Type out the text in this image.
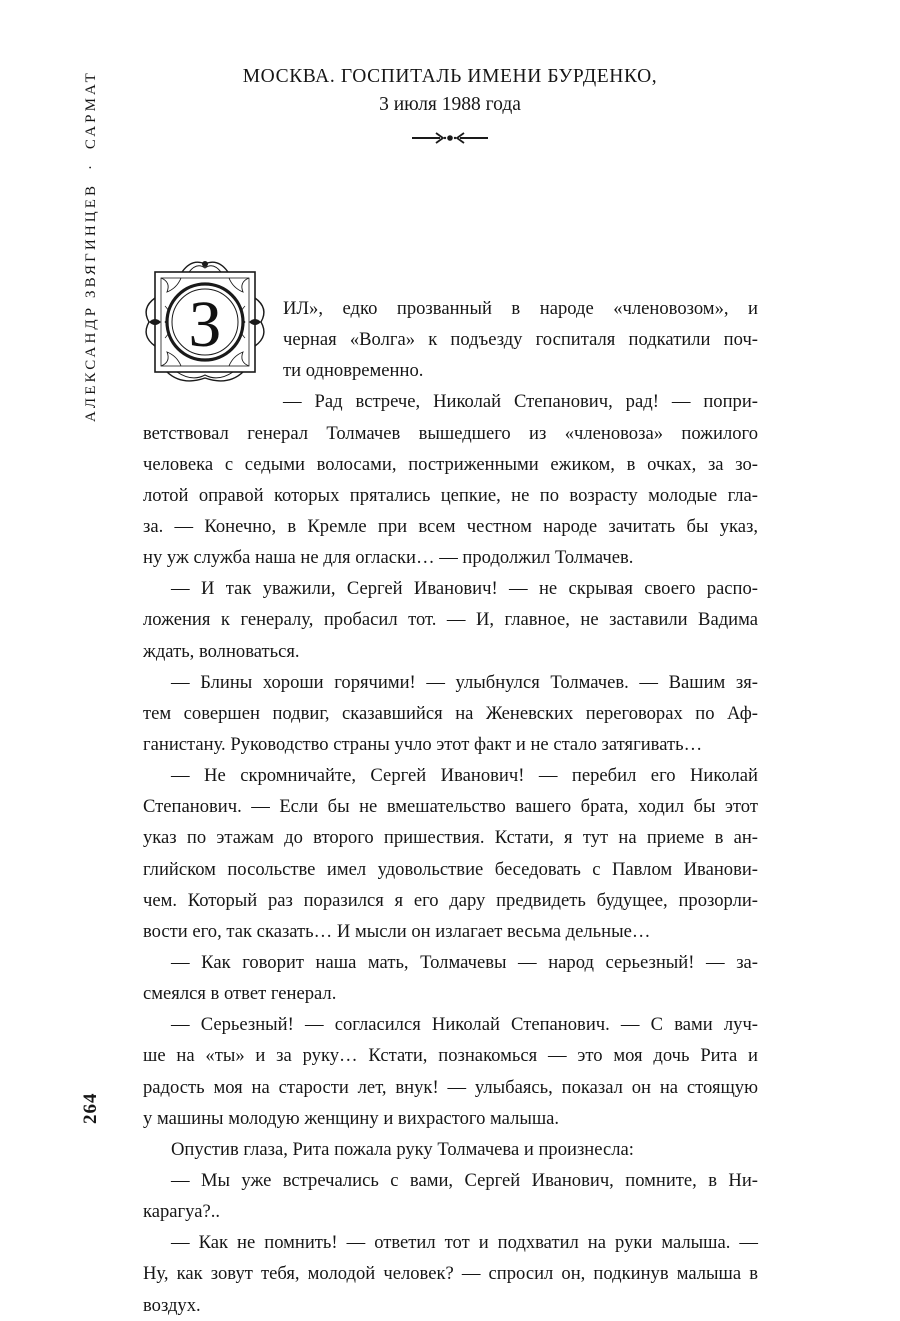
АЛЕКСАНДР ЗВЯГИНЦЕВ · САРМАТ
264
МОСКВА. ГОСПИТАЛЬ ИМЕНИ БУРДЕНКО,
3 июля 1988 года
З	ИЛ», едко прозванный в народе «членовозом», и
черная «Волга» к подъезду госпиталя подкатили поч-
ти одновременно.
— Рад встрече, Николай Степанович, рад! — попри-
ветствовал генерал Толмачев вышедшего из «членовоза» пожилого
человека с седыми волосами, постриженными ежиком, в очках, за зо-
лотой оправой которых прятались цепкие, не по возрасту молодые гла-
за. — Конечно, в Кремле при всем честном народе зачитать бы указ,
ну уж служба наша не для огласки… — продолжил Толмачев.
— И так уважили, Сергей Иванович! — не скрывая своего распо-
ложения к генералу, пробасил тот. — И, главное, не заставили Вадима
ждать, волноваться.
— Блины хороши горячими! — улыбнулся Толмачев. — Вашим зя-
тем совершен подвиг, сказавшийся на Женевских переговорах по Аф-
ганистану. Руководство страны учло этот факт и не стало затягивать…
— Не скромничайте, Сергей Иванович! — перебил его Николай
Степанович. — Если бы не вмешательство вашего брата, ходил бы этот
указ по этажам до второго пришествия. Кстати, я тут на приеме в ан-
глийском посольстве имел удовольствие беседовать с Павлом Иванови-
чем. Который раз поразился я его дару предвидеть будущее, прозорли-
вости его, так сказать… И мысли он излагает весьма дельные…
— Как говорит наша мать, Толмачевы — народ серьезный! — за-
смеялся в ответ генерал.
— Серьезный! — согласился Николай Степанович. — С вами луч-
ше на «ты» и за руку… Кстати, познакомься — это моя дочь Рита и
радость моя на старости лет, внук! — улыбаясь, показал он на стоящую
у машины молодую женщину и вихрастого малыша.
Опустив глаза, Рита пожала руку Толмачева и произнесла:
— Мы уже встречались с вами, Сергей Иванович, помните, в Ни-
карагуа?..
— Как не помнить! — ответил тот и подхватил на руки малыша. —
Ну, как зовут тебя, молодой человек? — спросил он, подкинув малыша в
воздух.
